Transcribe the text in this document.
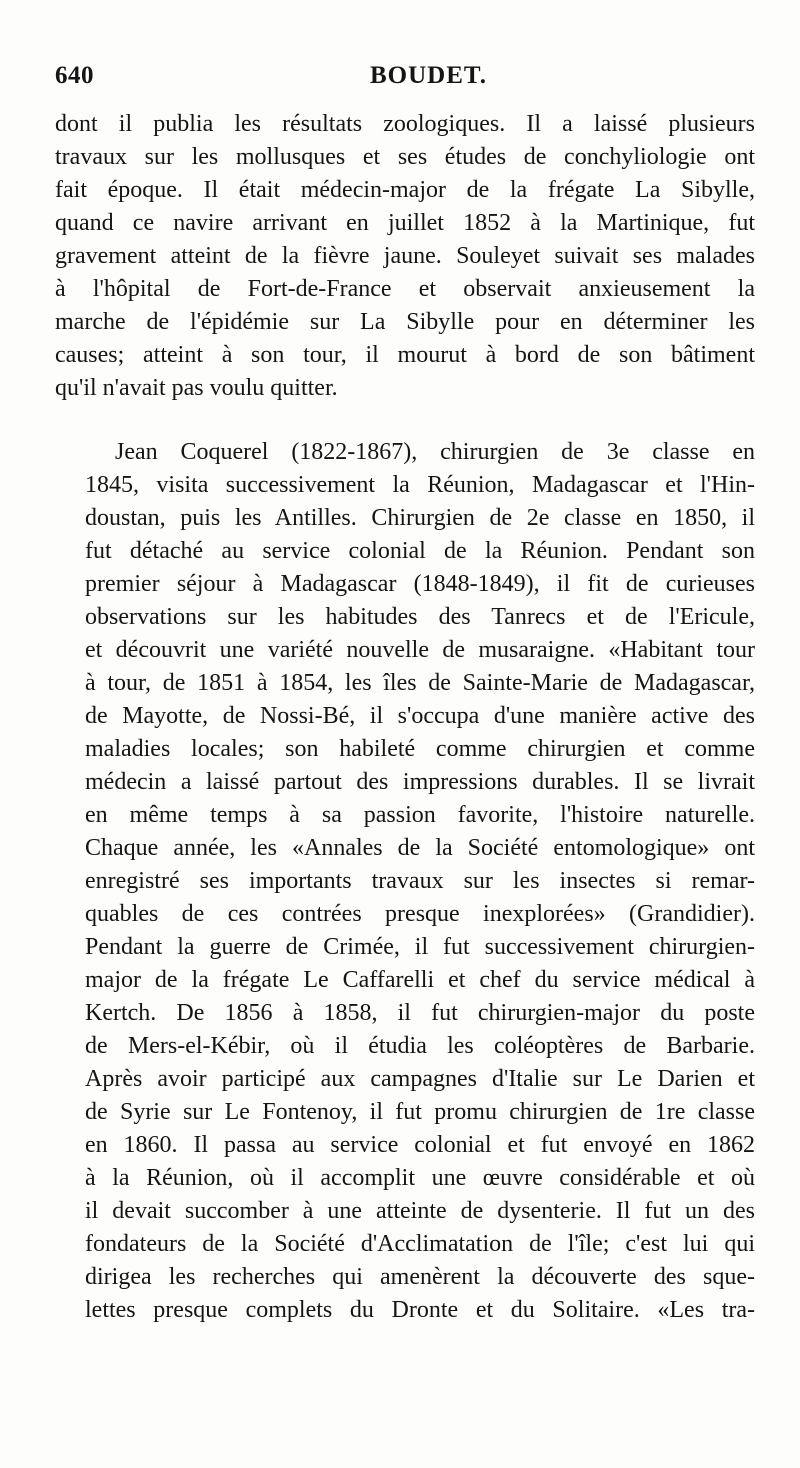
640	BOUDET.

dont il publia les résultats zoologiques. Il a laissé plusieurs
travaux sur les mollusques et ses études de conchyliologie ont
fait époque. Il était médecin-major de la frégate La Sibylle,
quand ce navire arrivant en juillet 1852 à la Martinique, fut
gravement atteint de la fièvre jaune. Souleyet suivait ses malades
à l'hôpital de Fort-de-France et observait anxieusement la
marche de l'épidémie sur La Sibylle pour en déterminer les
causes; atteint à son tour, il mourut à bord de son bâtiment
qu'il n'avait pas voulu quitter.

Jean Coquerel (1822-1867), chirurgien de 3e classe en
1845, visita successivement la Réunion, Madagascar et l'Hin-
doustan, puis les Antilles. Chirurgien de 2e classe en 1850, il
fut détaché au service colonial de la Réunion. Pendant son
premier séjour à Madagascar (1848-1849), il fit de curieuses
observations sur les habitudes des Tanrecs et de l'Ericule,
et découvrit une variété nouvelle de musaraigne. «Habitant tour
à tour, de 1851 à 1854, les îles de Sainte-Marie de Madagascar,
de Mayotte, de Nossi-Bé, il s'occupa d'une manière active des
maladies locales; son habileté comme chirurgien et comme
médecin a laissé partout des impressions durables. Il se livrait
en même temps à sa passion favorite, l'histoire naturelle.
Chaque année, les «Annales de la Société entomologique» ont
enregistré ses importants travaux sur les insectes si remar-
quables de ces contrées presque inexplorées» (Grandidier).
Pendant la guerre de Crimée, il fut successivement chirurgien-
major de la frégate Le Caffarelli et chef du service médical à
Kertch. De 1856 à 1858, il fut chirurgien-major du poste
de Mers-el-Kébir, où il étudia les coléoptères de Barbarie.
Après avoir participé aux campagnes d'Italie sur Le Darien et
de Syrie sur Le Fontenoy, il fut promu chirurgien de 1re classe
en 1860. Il passa au service colonial et fut envoyé en 1862
à la Réunion, où il accomplit une œuvre considérable et où
il devait succomber à une atteinte de dysenterie. Il fut un des
fondateurs de la Société d'Acclimatation de l'île; c'est lui qui
dirigea les recherches qui amenèrent la découverte des sque-
lettes presque complets du Dronte et du Solitaire. «Les tra-
